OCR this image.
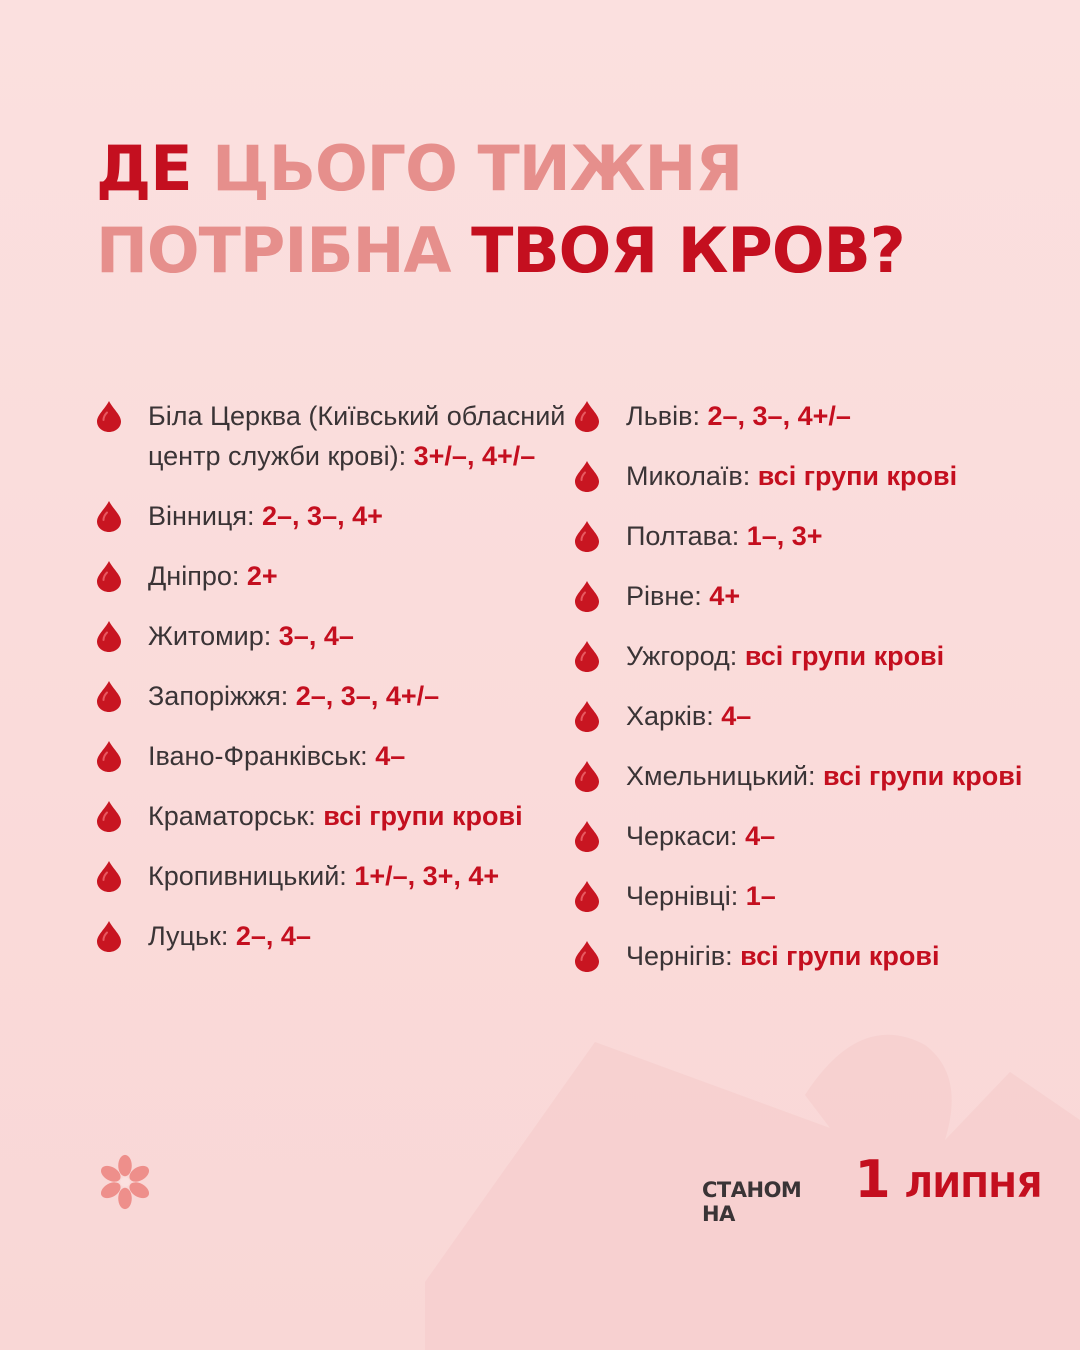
ДЕ ЦЬОГО ТИЖНЯ
ПОТРІБНА ТВОЯ КРОВ?
Біла Церква (Київський обласний центр служби крові): 3+/–, 4+/–
Вінниця: 2–, 3–, 4+
Дніпро: 2+
Житомир: 3–, 4–
Запоріжжя: 2–, 3–, 4+/–
Івано-Франківськ: 4–
Краматорськ: всі групи крові
Кропивницький: 1+/–, 3+, 4+
Луцьк: 2–, 4–
Львів: 2–, 3–, 4+/–
Миколаїв: всі групи крові
Полтава: 1–, 3+
Рівне: 4+
Ужгород: всі групи крові
Харків: 4–
Хмельницький: всі групи крові
Черкаси: 4–
Чернівці: 1–
Чернігів: всі групи крові
СТАНОМ НА
1 ЛИПНЯ
